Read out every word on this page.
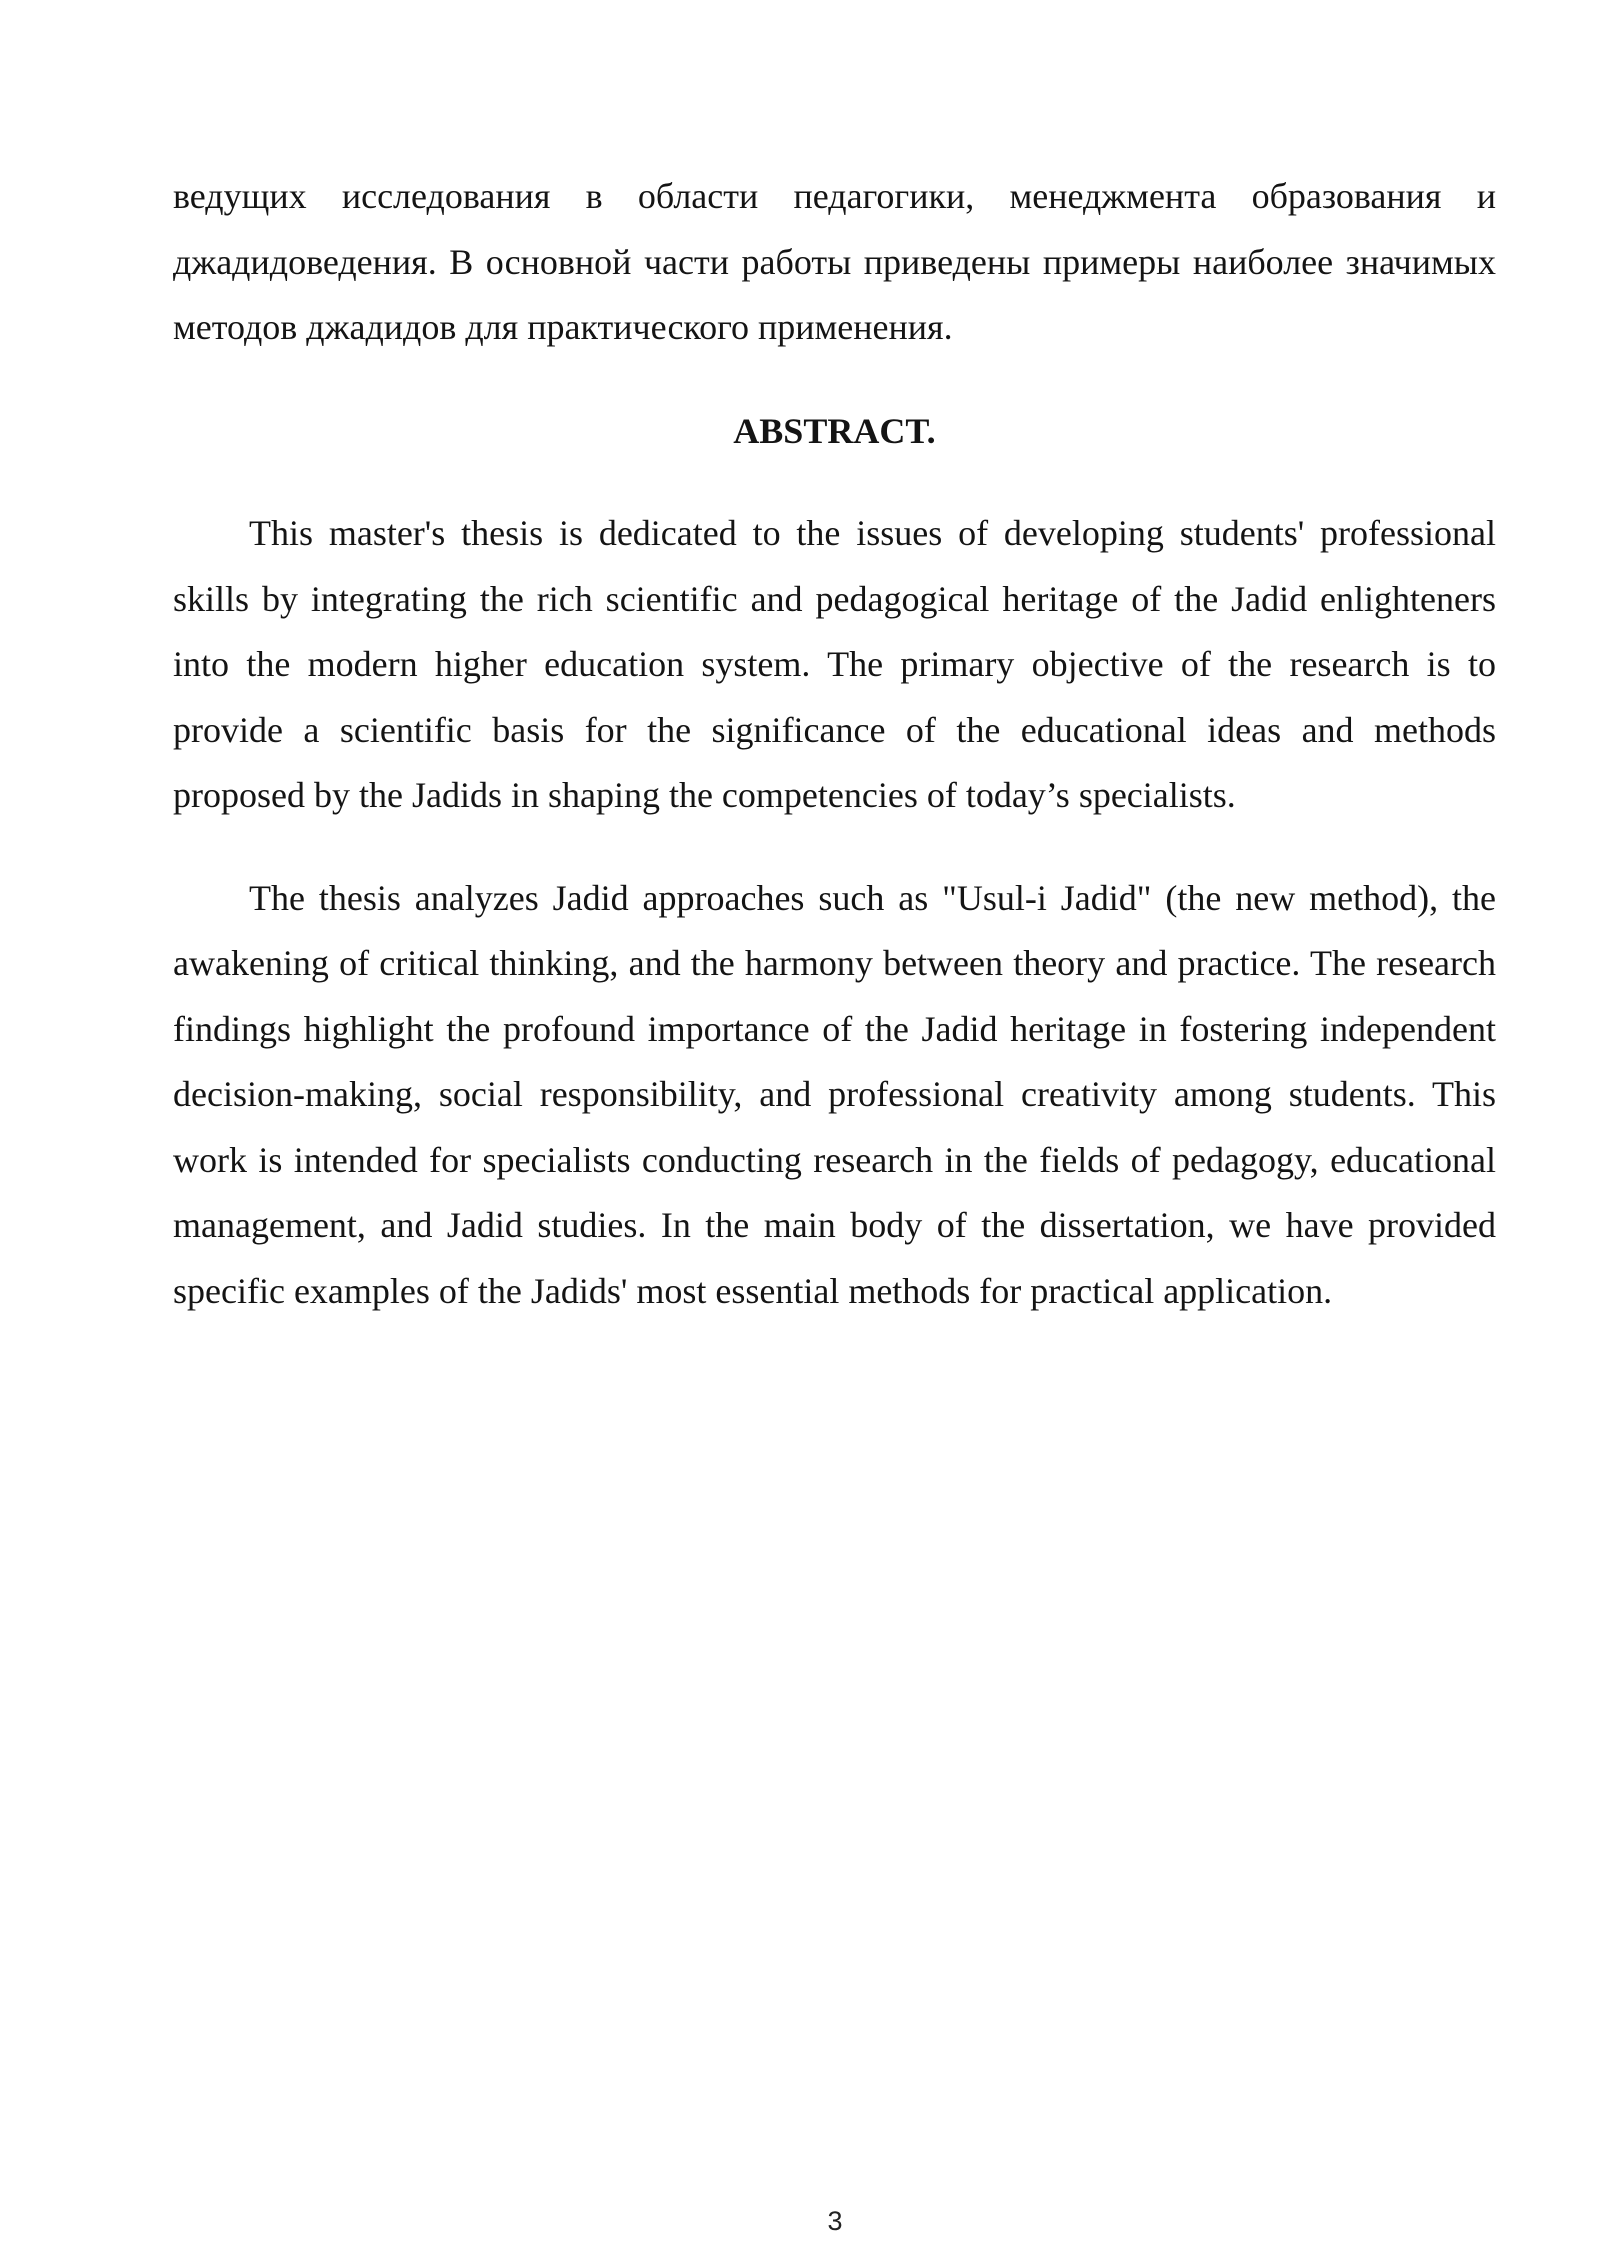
ведущих исследования в области педагогики, менеджмента образования и джадидоведения. В основной части работы приведены примеры наиболее значимых методов джадидов для практического применения.

ABSTRACT.

This master's thesis is dedicated to the issues of developing students' professional skills by integrating the rich scientific and pedagogical heritage of the Jadid enlighteners into the modern higher education system. The primary objective of the research is to provide a scientific basis for the significance of the educational ideas and methods proposed by the Jadids in shaping the competencies of today’s specialists.

The thesis analyzes Jadid approaches such as "Usul-i Jadid" (the new method), the awakening of critical thinking, and the harmony between theory and practice. The research findings highlight the profound importance of the Jadid heritage in fostering independent decision-making, social responsibility, and professional creativity among students. This work is intended for specialists conducting research in the fields of pedagogy, educational management, and Jadid studies. In the main body of the dissertation, we have provided specific examples of the Jadids' most essential methods for practical application.

3
